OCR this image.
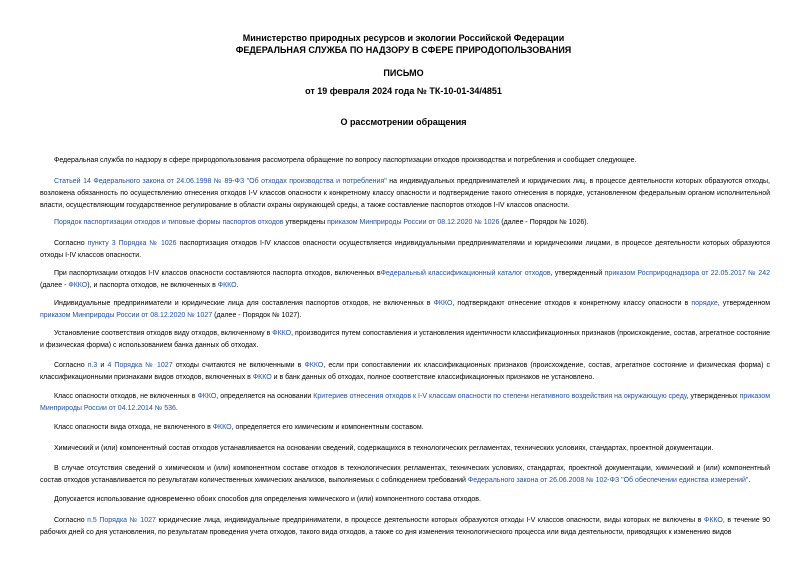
Министерство природных ресурсов и экологии Российской Федерации

ФЕДЕРАЛЬНАЯ СЛУЖБА ПО НАДЗОРУ В СФЕРЕ ПРИРОДОПОЛЬЗОВАНИЯ

ПИСЬМО

от 19 февраля 2024 года № ТК-10-01-34/4851

О рассмотрении обращения

Федеральная служба по надзору в сфере природопользования рассмотрела обращение по вопросу паспортизации отходов производства и потребления и сообщает следующее.

Статьей 14 Федерального закона от 24.06.1998 № 89-ФЗ "Об отходах производства и потребления" на индивидуальных предпринимателей и юридических лиц, в процессе деятельности которых образуются отходы, возложена обязанность по осуществлению отнесения отходов I-V классов опасности к конкретному классу опасности и подтверждение такого отнесения в порядке, установленном федеральным органом исполнительной власти, осуществляющим государственное регулирование в области охраны окружающей среды, а также составление паспортов отходов I-IV классов опасности.

Порядок паспортизации отходов и типовые формы паспортов отходов утверждены приказом Минприроды России от 08.12.2020 № 1026 (далее - Порядок № 1026).

Согласно пункту 3 Порядка № 1026 паспортизация отходов I-IV классов опасности осуществляется индивидуальными предпринимателями и юридическими лицами, в процессе деятельности которых образуются отходы I-IV классов опасности.

При паспортизации отходов I-IV классов опасности составляются паспорта отходов, включенных вФедеральный классификационный каталог отходов, утвержденный приказом Росприроднадзора от 22.05.2017 № 242 (далее - ФККО), и паспорта отходов, не включенных в ФККО.

Индивидуальные предприниматели и юридические лица для составления паспортов отходов, не включенных в ФККО, подтверждают отнесение отходов к конкретному классу опасности в порядке, утвержденном приказом Минприроды России от 08.12.2020 № 1027 (далее - Порядок № 1027).

Установление соответствия отходов виду отходов, включенному в ФККО, производится путем сопоставления и установления идентичности классификационных признаков (происхождение, состав, агрегатное состояние и физическая форма) с использованием банка данных об отходах.

Согласно п.3 и 4 Порядка № 1027 отходы считаются не включенными в ФККО, если при сопоставлении их классификационных признаков (происхождение, состав, агрегатное состояние и физическая форма) с классификационными признаками видов отходов, включенных в ФККО и в банк данных об отходах, полное соответствие классификационных признаков не установлено.

Класс опасности отходов, не включенных в ФККО, определяется на основании Критериев отнесения отходов к I-V классам опасности по степени негативного воздействия на окружающую среду, утвержденных приказом Минприроды России от 04.12.2014 № 536.

Класс опасности вида отхода, не включенного в ФККО, определяется его химическим и компонентным составом.

Химический и (или) компонентный состав отходов устанавливается на основании сведений, содержащихся в технологических регламентах, технических условиях, стандартах, проектной документации.

В случае отсутствия сведений о химическом и (или) компонентном составе отходов в технологических регламентах, технических условиях, стандартах, проектной документации, химический и (или) компонентный состав отходов устанавливается по результатам количественных химических анализов, выполняемых с соблюдением требований Федерального закона от 26.06.2008 № 102-ФЗ "Об обеспечении единства измерений".

Допускается использование одновременно обоих способов для определения химического и (или) компонентного состава отходов.

Согласно п.5 Порядка № 1027 юридические лица, индивидуальные предприниматели, в процессе деятельности которых образуются отходы I-V классов опасности, виды которых не включены в ФККО, в течение 90 рабочих дней со дня установления, по результатам проведения учета отходов, такого вида отходов, а также со дня изменения технологического процесса или вида деятельности, приводящих к изменению видов
